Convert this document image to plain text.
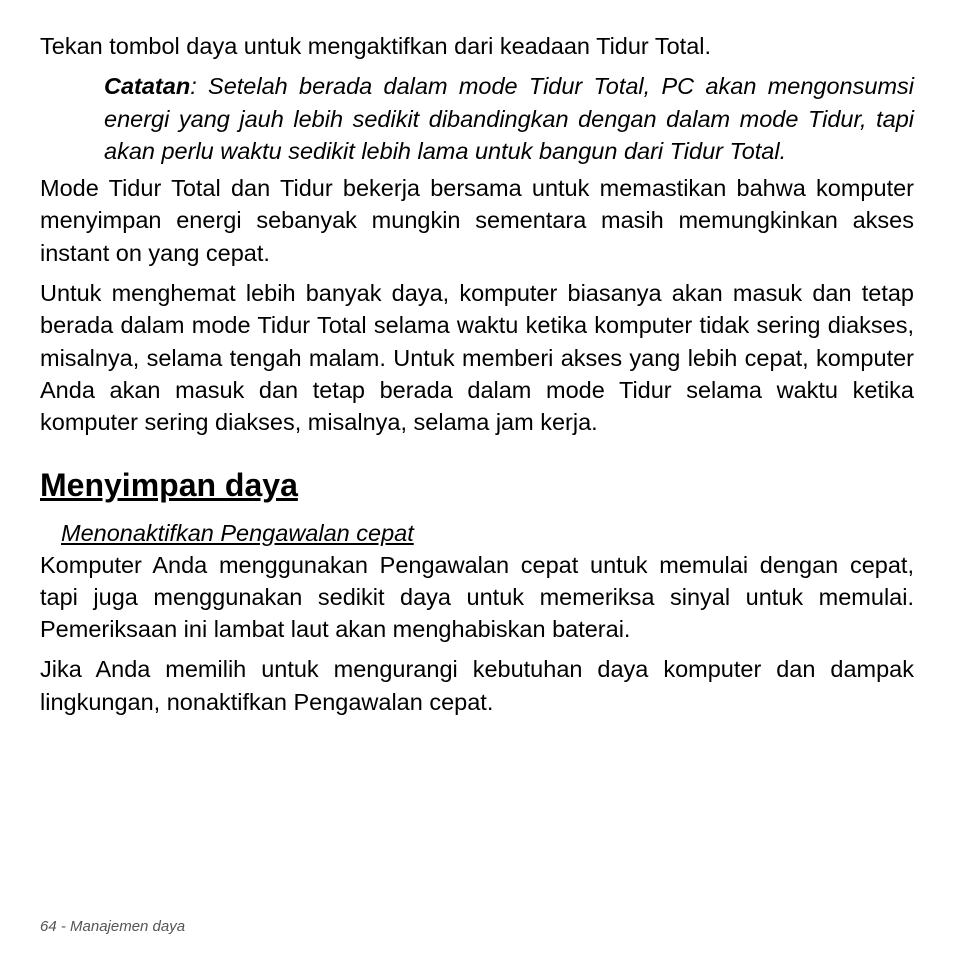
Tekan tombol daya untuk mengaktifkan dari keadaan Tidur Total.

Catatan: Setelah berada dalam mode Tidur Total, PC akan mengonsumsi energi yang jauh lebih sedikit dibandingkan dengan dalam mode Tidur, tapi akan perlu waktu sedikit lebih lama untuk bangun dari Tidur Total.

Mode Tidur Total dan Tidur bekerja bersama untuk memastikan bahwa komputer menyimpan energi sebanyak mungkin sementara masih memungkinkan akses instant on yang cepat.

Untuk menghemat lebih banyak daya, komputer biasanya akan masuk dan tetap berada dalam mode Tidur Total selama waktu ketika komputer tidak sering diakses, misalnya, selama tengah malam. Untuk memberi akses yang lebih cepat, komputer Anda akan masuk dan tetap berada dalam mode Tidur selama waktu ketika komputer sering diakses, misalnya, selama jam kerja.

Menyimpan daya
Menonaktifkan Pengawalan cepat

Komputer Anda menggunakan Pengawalan cepat untuk memulai dengan cepat, tapi juga menggunakan sedikit daya untuk memeriksa sinyal untuk memulai. Pemeriksaan ini lambat laut akan menghabiskan baterai.

Jika Anda memilih untuk mengurangi kebutuhan daya komputer dan dampak lingkungan, nonaktifkan Pengawalan cepat.

64 - Manajemen daya
